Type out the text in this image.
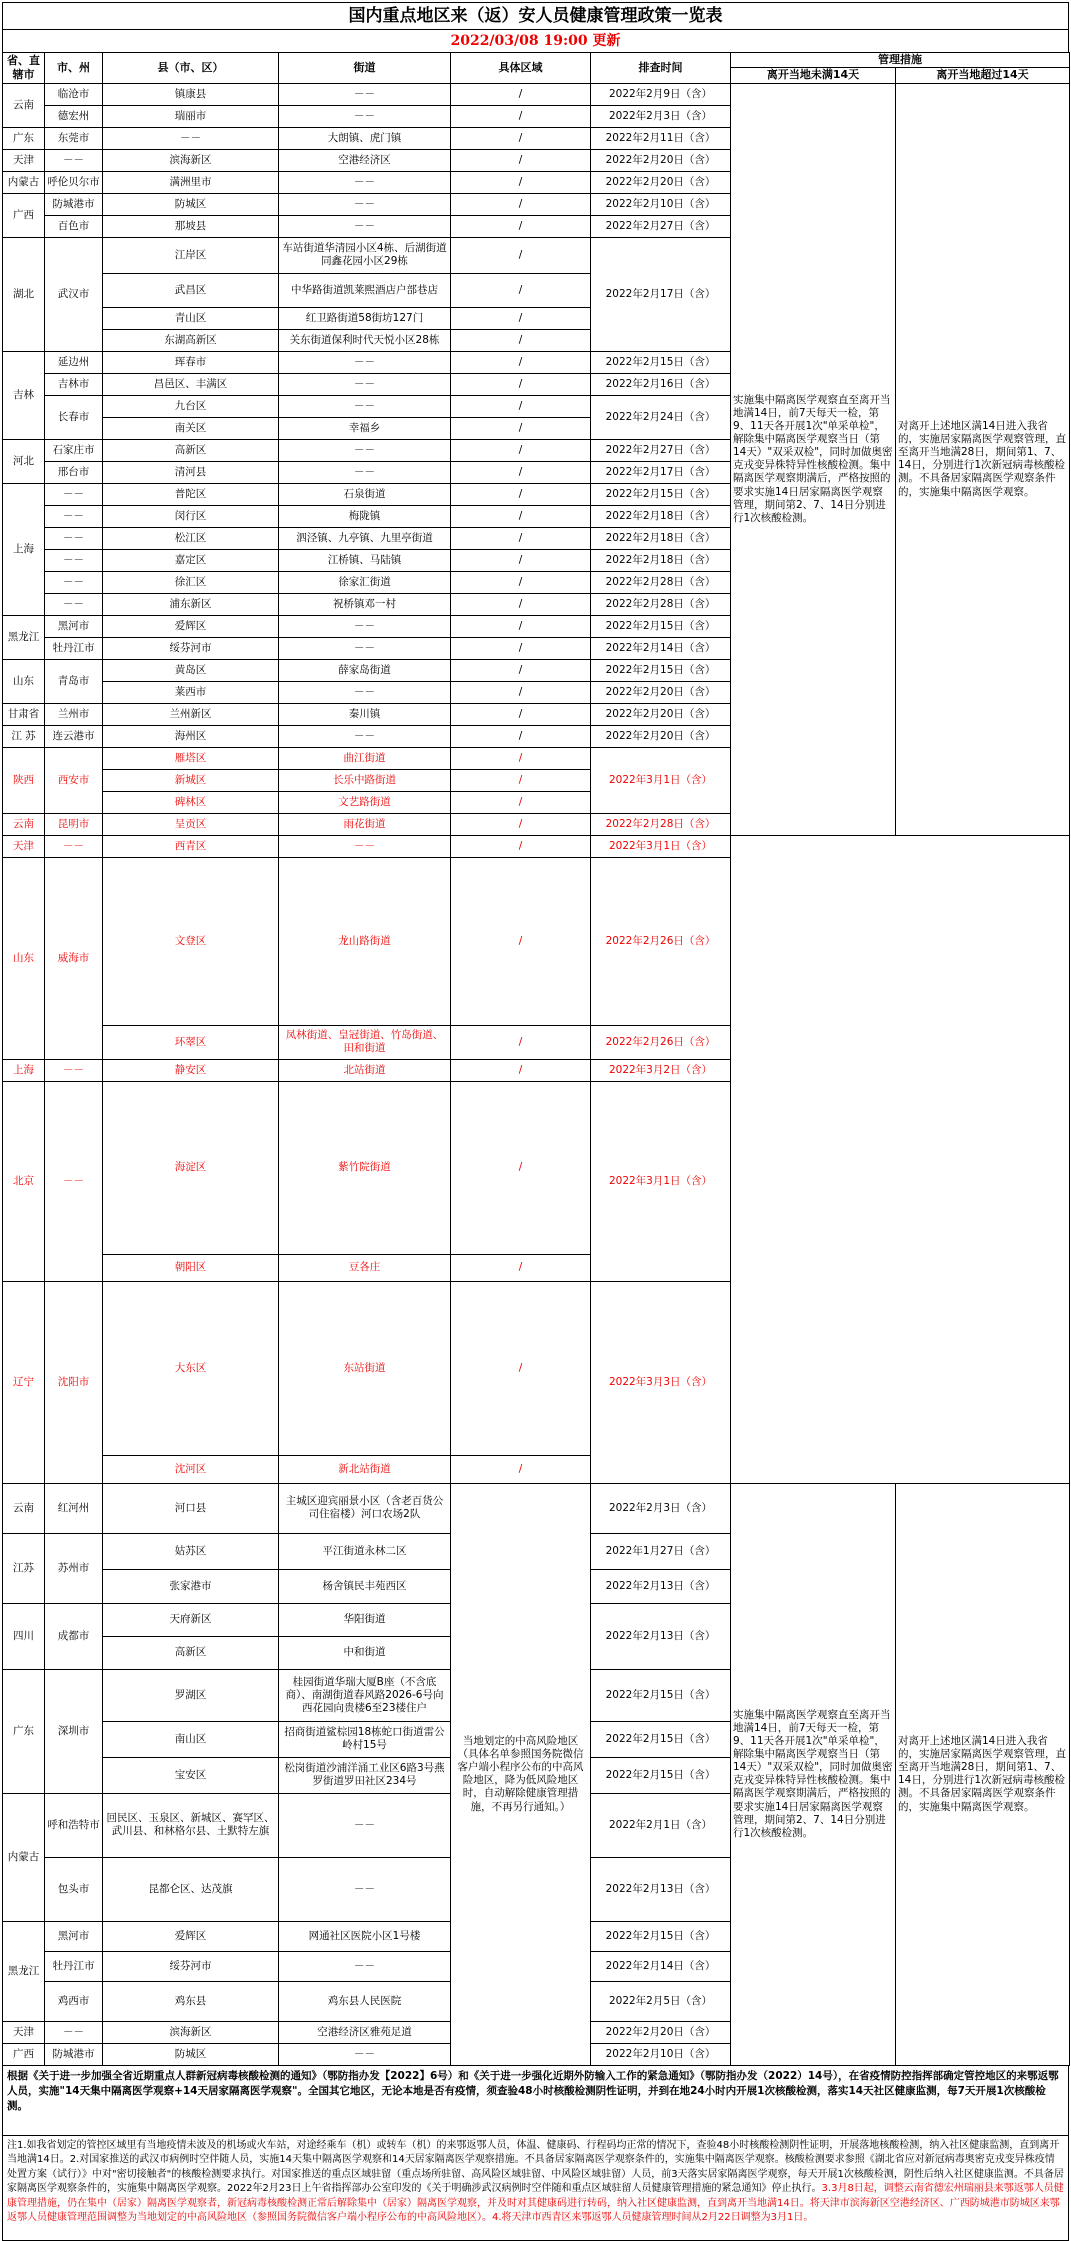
国内重点地区来（返）安人员健康管理政策一览表
2022/03/08 19:00 更新
省、直辖市	市、州	县（市、区）	街道	具体区域	排查时间	管理措施		
						离开当地未满14天	离开当地超过14天	
云南	临沧市	镇康县	－－	/	2022年2月9日（含）	实施集中隔离医学观察直至离开当地满14日，前7天每天一检，第9、11天各开展1次"单采单检"，解除集中隔离医学观察当日（第14天）"双采双检"，同时加做奥密克戎变异株特异性核酸检测。集中隔离医学观察期满后，严格按照的要求实施14日居家隔离医学观察管理，期间第2、7、14日分别进行1次核酸检测。	对离开上述地区满14日进入我省的，实施居家隔离医学观察管理，直至离开当地满28日，期间第1、7、14日，分别进行1次新冠病毒核酸检测。不具备居家隔离医学观察条件的，实施集中隔离医学观察。	
	德宏州	瑞丽市	－－	/	2022年2月3日（含）			
广东	东莞市	－－	大朗镇、虎门镇	/	2022年2月11日（含）			
天津	－－	滨海新区	空港经济区	/	2022年2月20日（含）			
内蒙古	呼伦贝尔市	满洲里市	－－	/	2022年2月20日（含）			
广西	防城港市	防城区	－－	/	2022年2月10日（含）			
	百色市	那坡县	－－	/	2022年2月27日（含）			
湖北	武汉市	江岸区	车站街道华清园小区4栋、后湖街道同鑫花园小区29栋	/	2022年2月17日（含）			
		武昌区	中华路街道凯莱熙酒店户部巷店	/				
		青山区	红卫路街道58街坊127门	/				
		东湖高新区	关东街道保利时代天悦小区28栋	/				
吉林	延边州	珲春市	－－	/	2022年2月15日（含）			
	吉林市	昌邑区、丰满区	－－	/	2022年2月16日（含）			
	长春市	九台区	－－	/	2022年2月24日（含）			
		南关区	幸福乡	/				
河北	石家庄市	高新区	－－	/	2022年2月27日（含）			
	邢台市	清河县	－－	/	2022年2月17日（含）			
上海	－－	普陀区	石泉街道	/	2022年2月15日（含）			
	－－	闵行区	梅陇镇	/	2022年2月18日（含）			
	－－	松江区	泗泾镇、九亭镇、九里亭街道	/	2022年2月18日（含）			
	－－	嘉定区	江桥镇、马陆镇	/	2022年2月18日（含）			
	－－	徐汇区	徐家汇街道	/	2022年2月28日（含）			
	－－	浦东新区	祝桥镇邓一村	/	2022年2月28日（含）			
黑龙江	黑河市	爱辉区	－－	/	2022年2月15日（含）			
	牡丹江市	绥芬河市	－－	/	2022年2月14日（含）			
山东	青岛市	黄岛区	薛家岛街道	/	2022年2月15日（含）			
		莱西市	－－	/	2022年2月20日（含）			
甘肃省	兰州市	兰州新区	秦川镇	/	2022年2月20日（含）			
江 苏	连云港市	海州区	－－	/	2022年2月20日（含）			
陕西	西安市	雁塔区	曲江街道	/	2022年3月1日（含）		
		新城区	长乐中路街道	/				
		碑林区	文艺路街道	/				
云南	昆明市	呈贡区	雨花街道	/	2022年2月28日（含）			
天津	－－	西青区	－－	/	2022年3月1日（含）			
山东	威海市	文登区	龙山路街道	/	2022年2月26日（含）			
		环翠区	凤林街道、皇冠街道、竹岛街道、田和街道	/	2022年2月26日（含）			
上海	－－	静安区	北站街道	/	2022年3月2日（含）			
北京	－－	海淀区	紫竹院街道	/	2022年3月1日（含）			
		朝阳区	豆各庄	/				
辽宁	沈阳市	大东区	东站街道	/	2022年3月3日（含）			
		沈河区	新北站街道	/				

云南	红河州	河口县	主城区迎宾丽景小区（含老百货公司住宿楼）河口农场2队	当地划定的中高风险地区（具体名单参照国务院微信客户端小程序公布的中高风险地区，降为低风险地区时，自动解除健康管理措施，不再另行通知。）	2022年2月3日（含）	实施集中隔离医学观察直至离开当地满14日，前7天每天一检，第9、11天各开展1次"单采单检"，解除集中隔离医学观察当日（第14天）"双采双检"，同时加做奥密克戎变异株特异性核酸检测。集中隔离医学观察期满后，严格按照的要求实施14日居家隔离医学观察管理，期间第2、7、14日分别进行1次核酸检测。	对离开上述地区满14日进入我省的，实施居家隔离医学观察管理，直至离开当地满28日，期间第1、7、14日，分别进行1次新冠病毒核酸检测。不具备居家隔离医学观察条件的，实施集中隔离医学观察。	
江苏	苏州市	姑苏区	平江街道永林二区		2022年1月27日（含）			
		张家港市	杨舍镇民丰苑西区		2022年2月13日（含）			
四川	成都市	天府新区	华阳街道		2022年2月13日（含）			
		高新区	中和街道					
广东	深圳市	罗湖区	桂园街道华瑞大厦B座（不含底商）、南湖街道春风路2026-6号向西花园向贵楼6至23楼住户		2022年2月15日（含）			
		南山区	招商街道鲨棕园18栋蛇口街道雷公岭村15号		2022年2月15日（含）			
		宝安区	松岗街道沙浦洋涌工业区6路3号燕罗街道罗田社区234号		2022年2月15日（含）			
内蒙古	呼和浩特市	回民区、玉泉区、新城区、赛罕区、武川县、和林格尔县、土默特左旗	－－		2022年2月1日（含）			
	包头市	昆都仑区、达茂旗	－－		2022年2月13日（含）			
黑龙江	黑河市	爱辉区	网通社区医院小区1号楼		2022年2月15日（含）			
	牡丹江市	绥芬河市	－－		2022年2月14日（含）			
	鸡西市	鸡东县	鸡东县人民医院		2022年2月5日（含）			
天津	－－	滨海新区	空港经济区雅苑足道		2022年2月20日（含）			
广西	防城港市	防城区	－－		2022年2月10日（含）			
根据《关于进一步加强全省近期重点人群新冠病毒核酸检测的通知》（鄂防指办发【2022】6号）和《关于进一步强化近期外防输入工作的紧急通知》（鄂防指办发（2022）14号），在省疫情防控指挥部确定管控地区的来鄂返鄂人员，实施"14天集中隔离医学观察+14天居家隔离医学观察"。全国其它地区，无论本地是否有疫情，须查验48小时核酸检测阴性证明，并到在地24小时内开展1次核酸检测，落实14天社区健康监测，每7天开展1次核酸检测。
注1.如我省划定的管控区域里有当地疫情未波及的机场或火车站，对途经乘车（机）或转车（机）的来鄂返鄂人员，体温、健康码、行程码均正常的情况下，查验48小时核酸检测阴性证明，开展落地核酸检测，纳入社区健康监测，直到离开当地满14日。2.对国家推送的武汉市病例时空伴随人员，实施14天集中隔离医学观察和14天居家隔离医学观察措施。不具备居家隔离医学观察条件的，实施集中隔离医学观察。核酸检测要求参照《湖北省应对新冠病毒奥密克戎变异株疫情处置方案（试行）》中对"密切接触者"的核酸检测要求执行。对国家推送的重点区域驻留（重点场所驻留、高风险区域驻留、中风险区域驻留）人员，前3天落实居家隔离医学观察，每天开展1次核酸检测，阴性后纳入社区健康监测。不具备居家隔离医学观察条件的，实施集中隔离医学观察。2022年2月23日上午省指挥部办公室印发的《关于明确涉武汉病例时空伴随和重点区域驻留人员健康管理措施的紧急通知》停止执行。3.3月8日起，调整云南省德宏州瑞丽县来鄂返鄂人员健康管理措施，仍在集中（居家）隔离医学观察者，新冠病毒核酸检测正常后解除集中（居家）隔离医学观察，并及时对其健康码进行转码，纳入社区健康监测，直到离开当地满14日。将天津市滨海新区空港经济区、广西防城港市防城区来鄂返鄂人员健康管理范围调整为当地划定的中高风险地区（参照国务院微信客户端小程序公布的中高风险地区）。4.将天津市西青区来鄂返鄂人员健康管理时间从2月22日调整为3月1日。
